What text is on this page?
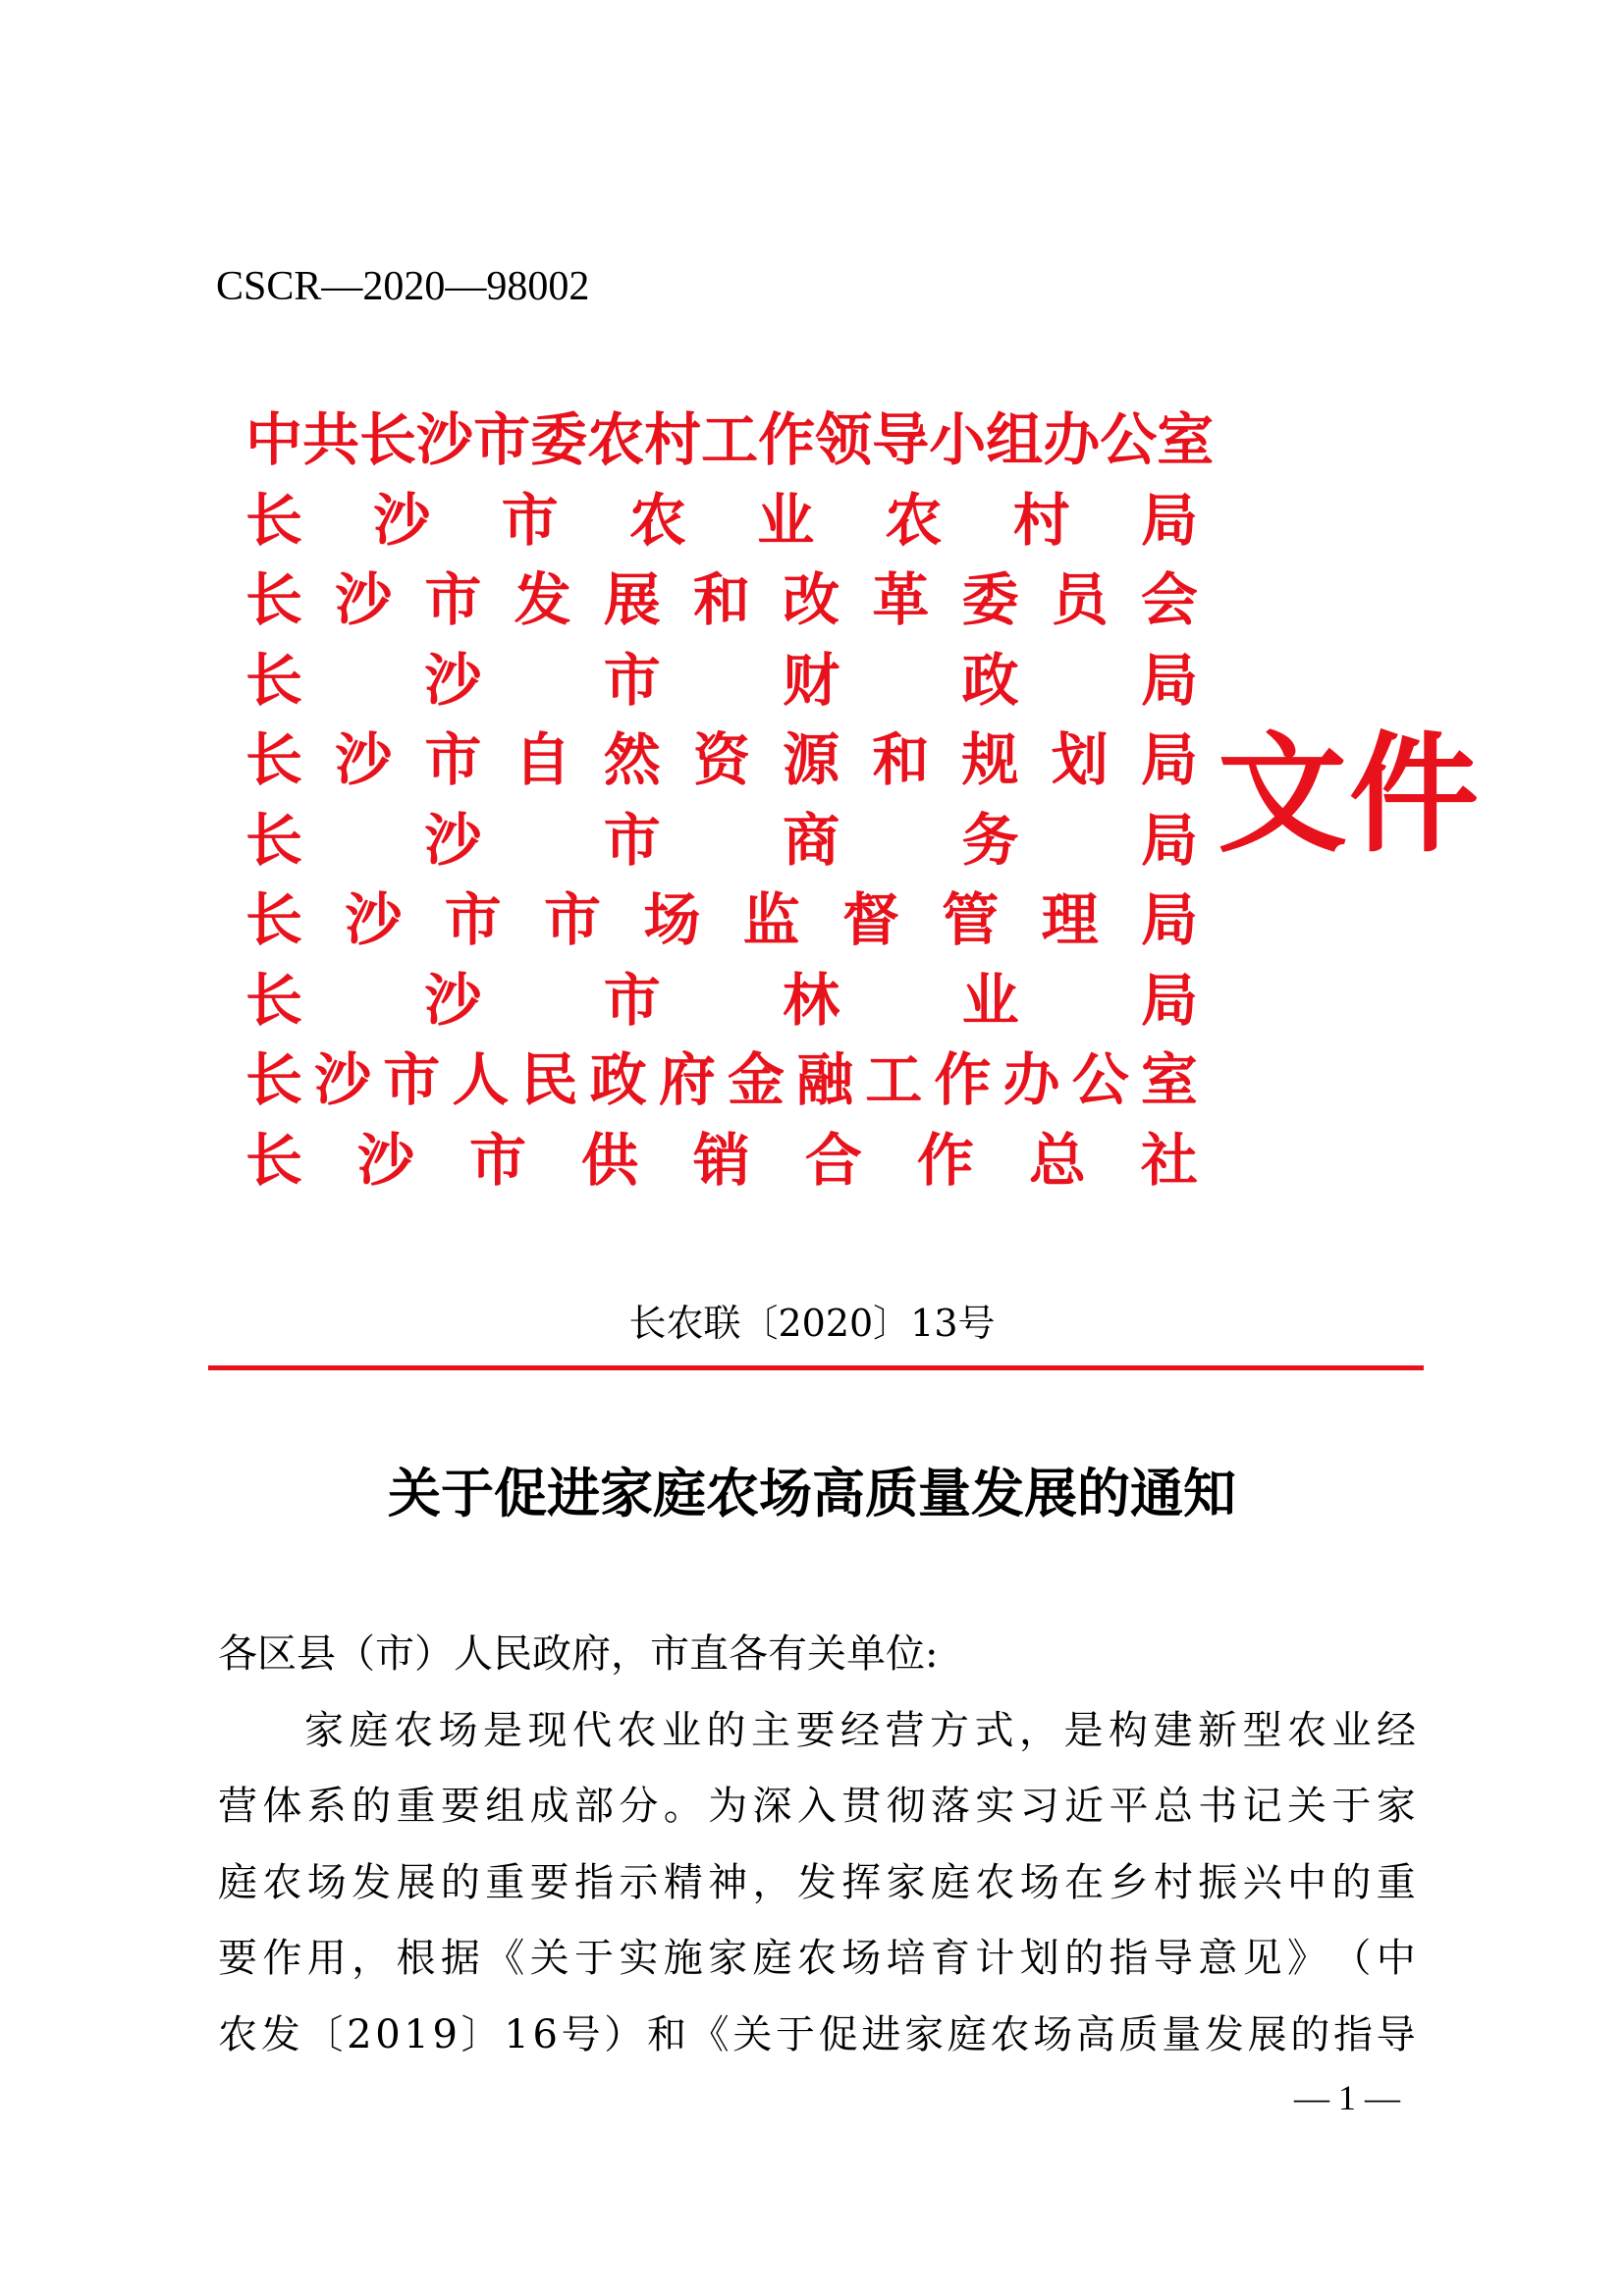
CSCR—2020—98002
中 共 长 沙 市 委 农 村 工 作 领 导 小 组 办 公 室
长 沙 市 农 业 农 村 局
长 沙 市 发 展 和 改 革 委 员 会
长 沙 市 财 政 局
长 沙 市 自 然 资 源 和 规 划 局
长 沙 市 商 务 局
长 沙 市 市 场 监 督 管 理 局
长 沙 市 林 业 局
长 沙 市 人 民 政 府 金 融 工 作 办 公 室
长 沙 市 供 销 合 作 总 社
文件
长农联〔2020〕13号
关于促进家庭农场高质量发展的通知
各区县（市）人民政府，市直各有关单位:
家 庭 农 场 是 现 代 农 业 的 主 要 经 营 方 式 ， 是 构 建 新 型 农 业 经
营 体 系 的 重 要 组 成 部 分 。 为 深 入 贯 彻 落 实 习 近 平 总 书 记 关 于 家
庭 农 场 发 展 的 重 要 指 示 精 神 ， 发 挥 家 庭 农 场 在 乡 村 振 兴 中 的 重
要 作 用 ， 根 据 《 关 于 实 施 家 庭 农 场 培 育 计 划 的 指 导 意 见 》 （ 中
农 发 〔 2 0 1 9 〕 1 6 号 ） 和 《 关 于 促 进 家 庭 农 场 高 质 量 发 展 的 指 导
— 1 —
